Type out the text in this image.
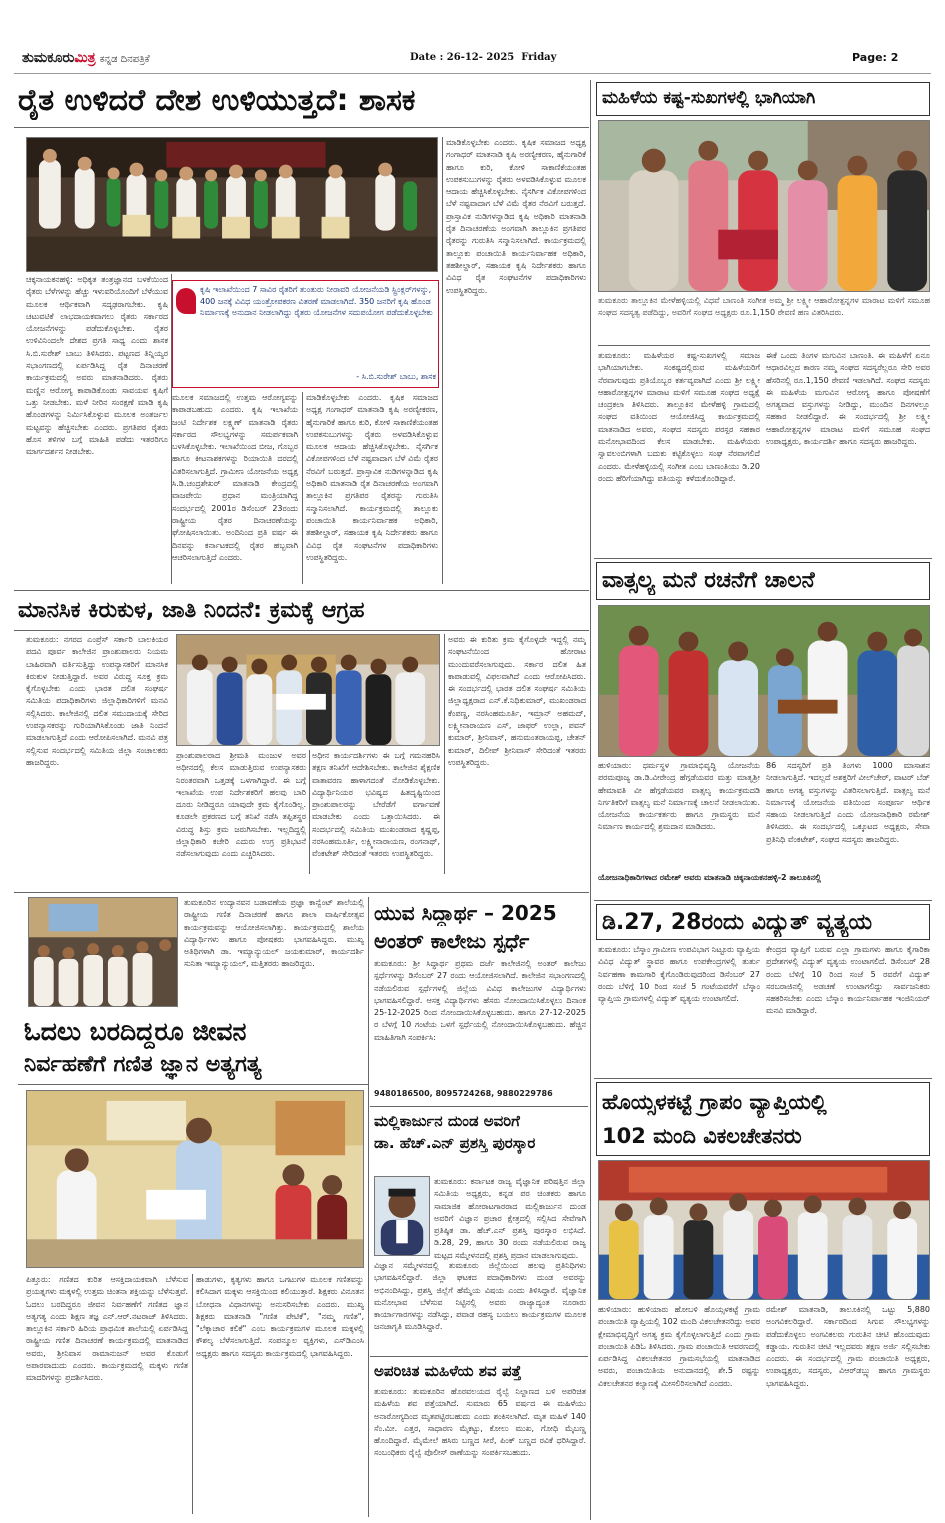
ತುಮಕೂರುಮಿತ್ರ ಕನ್ನಡ ದಿನಪತ್ರಿಕೆ	Date : 26-12- 2025 Friday	Page: 2
ರೈತ ಉಳಿದರೆ ದೇಶ ಉಳಿಯುತ್ತದೆ: ಶಾಸಕ
ಚಿಕ್ಕನಾಯಕನಹಳ್ಳಿ: ಅಧಿಕೃತ ತಂತ್ರಜ್ಞಾನದ ಬಳಕೆಯಿಂದ ರೈತರು ಬೆಳೆಗಳನ್ನು ಹೆಚ್ಚು ಇಳುವರಿಯೊಂದಿಗೆ ಬೆಳೆಯುವ ಮೂಲಕ ಆರ್ಥಿಕವಾಗಿ ಸದೃಢರಾಗಬೇಕು. ಕೃಷಿ ಚಟುವಟಿಕೆ ಲಾಭದಾಯಕವಾಗಲು ರೈತರು ಸರ್ಕಾರದ ಯೋಜನೆಗಳನ್ನು ಪಡೆದುಕೊಳ್ಳಬೇಕು. ರೈತರ ಉಳಿವಿನಿಂದಲೇ ದೇಶದ ಪ್ರಗತಿ ಸಾಧ್ಯ ಎಂದು ಶಾಸಕ ಸಿ.ಬಿ.ಸುರೇಶ್ ಬಾಬು ತಿಳಿಸಿದರು. ಪಟ್ಟಣದ ತಿನ್ನಿಯ್ಯರ ಸಭಾಂಗಣದಲ್ಲಿ ಏರ್ಪಡಿಸಿದ್ದ ರೈತ ದಿನಾಚರಣೆ ಕಾರ್ಯಕ್ರಮದಲ್ಲಿ ಅವರು ಮಾತನಾಡಿದರು. ರೈತರು ಮಣ್ಣಿನ ಆರೋಗ್ಯ ಕಾಪಾಡಿಕೊಂಡು ಸಾವಯವ ಕೃಷಿಗೆ ಒತ್ತು ನೀಡಬೇಕು. ಮಳೆ ನೀರಿನ ಸಂರಕ್ಷಣೆ ಮಾಡಿ ಕೃಷಿ ಹೊಂಡಗಳನ್ನು ನಿರ್ಮಿಸಿಕೊಳ್ಳುವ ಮೂಲಕ ಅಂತರ್ಜಲ ಮಟ್ಟವನ್ನು ಹೆಚ್ಚಿಸಬೇಕು ಎಂದರು. ಪ್ರಗತಿಪರ ರೈತರು ಹೊಸ ತಳಿಗಳ ಬಗ್ಗೆ ಮಾಹಿತಿ ಪಡೆದು ಇತರರಿಗೂ ಮಾರ್ಗದರ್ಶನ ನೀಡಬೇಕು.
ಕೃಷಿ ಇಲಾಖೆಯಿಂದ 7 ಸಾವಿರ ರೈತರಿಗೆ ತುಂತುರು ನೀರಾವರಿ ಯೋಜನೆಯಡಿ ಸ್ಪ್ರಿಂಕ್ಲರ್‌ಗಳನ್ನು, 400 ಜನಕ್ಕೆ ವಿವಿಧ ಯಂತ್ರೋಪಕರಣ ವಿತರಣೆ ಮಾಡಲಾಗಿದೆ. 350 ಜನರಿಗೆ ಕೃಷಿ ಹೊಂಡ ನಿರ್ಮಾಣಕ್ಕೆ ಅನುದಾನ ನೀಡಲಾಗಿದ್ದು ರೈತರು ಯೋಜನೆಗಳ ಸದುಪಯೋಗ ಪಡೆದುಕೊಳ್ಳಬೇಕು
- ಸಿ.ಬಿ.ಸುರೇಶ್ ಬಾಬು, ಶಾಸಕ
ಮೂಲಕ ಸಮಾಜದಲ್ಲಿ ಉತ್ತಮ ಆರೋಗ್ಯವನ್ನು ಕಾಪಾಡಬಹುದು ಎಂದರು. ಕೃಷಿ ಇಲಾಖೆಯ ಜಂಟಿ ನಿರ್ದೇಶಕ ಲಕ್ಷ್ಮಣ್ ಮಾತನಾಡಿ ರೈತರು ಸರ್ಕಾರದ ಸೌಲಭ್ಯಗಳನ್ನು ಸಮರ್ಪಕವಾಗಿ ಬಳಸಿಕೊಳ್ಳಬೇಕು. ಇಲಾಖೆಯಿಂದ ಬೀಜ, ಗೊಬ್ಬರ ಹಾಗೂ ಕೀಟನಾಶಕಗಳನ್ನು ರಿಯಾಯಿತಿ ದರದಲ್ಲಿ ವಿತರಿಸಲಾಗುತ್ತಿದೆ. ಗ್ರಾಮೀಣ ಯೋಜನೆಯ ಅಧ್ಯಕ್ಷ ಸಿ.ಡಿ.ಚಂದ್ರಶೇಖರ್ ಮಾತನಾಡಿ ಕೇಂದ್ರದಲ್ಲಿ ವಾಜಪೇಯಿ ಪ್ರಧಾನ ಮಂತ್ರಿಯಾಗಿದ್ದ ಸಂದರ್ಭದಲ್ಲಿ 2001ರ ಡಿಸೆಂಬರ್ 23ರಂದು ರಾಷ್ಟ್ರೀಯ ರೈತರ ದಿನಾಚರಣೆಯನ್ನು ಘೋಷಿಸಲಾಯಿತು. ಅಂದಿನಿಂದ ಪ್ರತಿ ವರ್ಷ ಈ ದಿನವನ್ನು ಕರ್ನಾಟಕದಲ್ಲಿ ರೈತರ ಹಬ್ಬವಾಗಿ ಆಚರಿಸಲಾಗುತ್ತಿದೆ ಎಂದರು.
ಮಾಡಿಕೊಳ್ಳಬೇಕು ಎಂದರು. ಕೃಷಿಕ ಸಮಾಜದ ಅಧ್ಯಕ್ಷ ಗಂಗಾಧರ್ ಮಾತನಾಡಿ ಕೃಷಿ ಅರಣ್ಯೀಕರಣ, ಹೈನುಗಾರಿಕೆ ಹಾಗೂ ಕುರಿ, ಕೋಳಿ ಸಾಕಾಣಿಕೆಯಂತಹ ಉಪಕಸುಬುಗಳನ್ನು ರೈತರು ಅಳವಡಿಸಿಕೊಳ್ಳುವ ಮೂಲಕ ಆದಾಯ ಹೆಚ್ಚಿಸಿಕೊಳ್ಳಬೇಕು. ನೈಸರ್ಗಿಕ ವಿಕೋಪಗಳಿಂದ ಬೆಳೆ ನಷ್ಟವಾದಾಗ ಬೆಳೆ ವಿಮೆ ರೈತರ ನೆರವಿಗೆ ಬರುತ್ತದೆ. ಪ್ರಾಸ್ತಾವಿಕ ನುಡಿಗಳನ್ನಾಡಿದ ಕೃಷಿ ಅಧಿಕಾರಿ ಮಾತನಾಡಿ ರೈತ ದಿನಾಚರಣೆಯ ಅಂಗವಾಗಿ ತಾಲ್ಲೂಕಿನ ಪ್ರಗತಿಪರ ರೈತರನ್ನು ಗುರುತಿಸಿ ಸನ್ಮಾನಿಸಲಾಗಿದೆ. ಕಾರ್ಯಕ್ರಮದಲ್ಲಿ ತಾಲ್ಲೂಕು ಪಂಚಾಯಿತಿ ಕಾರ್ಯನಿರ್ವಾಹಕ ಅಧಿಕಾರಿ, ತಹಶೀಲ್ದಾರ್, ಸಹಾಯಕ ಕೃಷಿ ನಿರ್ದೇಶಕರು ಹಾಗೂ ವಿವಿಧ ರೈತ ಸಂಘಟನೆಗಳ ಪದಾಧಿಕಾರಿಗಳು ಉಪಸ್ಥಿತರಿದ್ದರು.
ಮಾಡಿಕೊಳ್ಳಬೇಕು ಎಂದರು. ಕೃಷಿಕ ಸಮಾಜದ ಅಧ್ಯಕ್ಷ ಗಂಗಾಧರ್ ಮಾತನಾಡಿ ಕೃಷಿ ಅರಣ್ಯೀಕರಣ, ಹೈನುಗಾರಿಕೆ ಹಾಗೂ ಕುರಿ, ಕೋಳಿ ಸಾಕಾಣಿಕೆಯಂತಹ ಉಪಕಸುಬುಗಳನ್ನು ರೈತರು ಅಳವಡಿಸಿಕೊಳ್ಳುವ ಮೂಲಕ ಆದಾಯ ಹೆಚ್ಚಿಸಿಕೊಳ್ಳಬೇಕು. ನೈಸರ್ಗಿಕ ವಿಕೋಪಗಳಿಂದ ಬೆಳೆ ನಷ್ಟವಾದಾಗ ಬೆಳೆ ವಿಮೆ ರೈತರ ನೆರವಿಗೆ ಬರುತ್ತದೆ. ಪ್ರಾಸ್ತಾವಿಕ ನುಡಿಗಳನ್ನಾಡಿದ ಕೃಷಿ ಅಧಿಕಾರಿ ಮಾತನಾಡಿ ರೈತ ದಿನಾಚರಣೆಯ ಅಂಗವಾಗಿ ತಾಲ್ಲೂಕಿನ ಪ್ರಗತಿಪರ ರೈತರನ್ನು ಗುರುತಿಸಿ ಸನ್ಮಾನಿಸಲಾಗಿದೆ. ಕಾರ್ಯಕ್ರಮದಲ್ಲಿ ತಾಲ್ಲೂಕು ಪಂಚಾಯಿತಿ ಕಾರ್ಯನಿರ್ವಾಹಕ ಅಧಿಕಾರಿ, ತಹಶೀಲ್ದಾರ್, ಸಹಾಯಕ ಕೃಷಿ ನಿರ್ದೇಶಕರು ಹಾಗೂ ವಿವಿಧ ರೈತ ಸಂಘಟನೆಗಳ ಪದಾಧಿಕಾರಿಗಳು ಉಪಸ್ಥಿತರಿದ್ದರು.
ಮಹಿಳೆಯ ಕಷ್ಟ-ಸುಖಗಳಲ್ಲಿ ಭಾಗಿಯಾಗಿ
ತುಮಕೂರು ತಾಲ್ಲೂಕಿನ ಮೇಳೆಹಳ್ಳಿಯಲ್ಲಿ ವಿಧವೆ ಬಾಣಂತಿ ಸಂಗೀತ ಅಮ್ಮ ಶ್ರೀ ಲಕ್ಷ್ಮೀ ಆಹಾರೋತ್ಪನ್ನಗಳ ಮಾರಾಟ ಮಳಿಗೆ ಸಮೂಹ ಸಂಘದ ಸದಸ್ಯತ್ವ ಪಡೆದಿದ್ದು, ಅವರಿಗೆ ಸಂಘದ ಅಧ್ಯಕ್ಷರು ರೂ.1,150 ಠೇವಣಿ ಹಣ ವಿತರಿಸಿದರು.
ತುಮಕೂರು: ಮಹಿಳೆಯರ ಕಷ್ಟ-ಸುಖಗಳಲ್ಲಿ ಸಮಾಜ ಭಾಗಿಯಾಗಬೇಕು. ಸಂಕಷ್ಟದಲ್ಲಿರುವ ಮಹಿಳೆಯರಿಗೆ ನೆರವಾಗುವುದು ಪ್ರತಿಯೊಬ್ಬರ ಕರ್ತವ್ಯವಾಗಿದೆ ಎಂದು ಶ್ರೀ ಲಕ್ಷ್ಮೀ ಆಹಾರೋತ್ಪನ್ನಗಳ ಮಾರಾಟ ಮಳಿಗೆ ಸಮೂಹ ಸಂಘದ ಅಧ್ಯಕ್ಷೆ ಚಂದ್ರಕಲಾ ತಿಳಿಸಿದರು. ತಾಲ್ಲೂಕಿನ ಮೇಳೆಹಳ್ಳಿ ಗ್ರಾಮದಲ್ಲಿ ಸಂಘದ ವತಿಯಿಂದ ಆಯೋಜಿಸಿದ್ದ ಕಾರ್ಯಕ್ರಮದಲ್ಲಿ ಮಾತನಾಡಿದ ಅವರು, ಸಂಘದ ಸದಸ್ಯರು ಪರಸ್ಪರ ಸಹಕಾರ ಮನೋಭಾವದಿಂದ ಕೆಲಸ ಮಾಡಬೇಕು. ಮಹಿಳೆಯರು ಸ್ವಾವಲಂಬಿಗಳಾಗಿ ಬದುಕು ಕಟ್ಟಿಕೊಳ್ಳಲು ಸಂಘ ನೆರವಾಗಲಿದೆ ಎಂದರು. ಮೇಳೆಹಳ್ಳಿಯಲ್ಲಿ ಸಂಗೀತ ಎಂಬ ಬಾಣಂತಿಯು ಡಿ.20 ರಂದು ಹೆರಿಗೆಯಾಗಿದ್ದು ಪತಿಯನ್ನು ಕಳೆದುಕೊಂಡಿದ್ದಾರೆ.
ಈಕೆ ಒಂದು ತಿಂಗಳ ಮಗುವಿನ ಬಾಣಂತಿ. ಈ ಮಹಿಳೆಗೆ ಏನೂ ಆಧಾರವಿಲ್ಲದ ಕಾರಣ ನಮ್ಮ ಸಂಘದ ಸದಸ್ಯರೆಲ್ಲರೂ ಸೇರಿ ಅವರ ಹೆಸರಿನಲ್ಲಿ ರೂ.1,150 ಠೇವಣಿ ಇಡಲಾಗಿದೆ. ಸಂಘದ ಸದಸ್ಯರು ಈ ಮಹಿಳೆಯ ಮಗುವಿನ ಆರೋಗ್ಯ ಹಾಗೂ ಪೋಷಣೆಗೆ ಅಗತ್ಯವಾದ ವಸ್ತುಗಳನ್ನು ನೀಡಿದ್ದು, ಮುಂದಿನ ದಿನಗಳಲ್ಲೂ ಸಹಕಾರ ನೀಡಲಿದ್ದಾರೆ. ಈ ಸಂದರ್ಭದಲ್ಲಿ ಶ್ರೀ ಲಕ್ಷ್ಮೀ ಆಹಾರೋತ್ಪನ್ನಗಳ ಮಾರಾಟ ಮಳಿಗೆ ಸಮೂಹ ಸಂಘದ ಉಪಾಧ್ಯಕ್ಷರು, ಕಾರ್ಯದರ್ಶಿ ಹಾಗೂ ಸದಸ್ಯರು ಹಾಜರಿದ್ದರು.
ವಾತ್ಸಲ್ಯ ಮನೆ ರಚನೆಗೆ ಚಾಲನೆ
ಹುಳಿಯಾರು: ಧರ್ಮಸ್ಥಳ ಗ್ರಾಮಾಭಿವೃದ್ಧಿ ಯೋಜನೆಯ ಪರಮಪೂಜ್ಯ ಡಾ.ಡಿ.ವೀರೇಂದ್ರ ಹೆಗ್ಗಡೆಯವರ ಮತ್ತು ಮಾತೃಶ್ರೀ ಹೇಮಾವತಿ ವೀ ಹೆಗ್ಗಡೆಯವರ ವಾತ್ಸಲ್ಯ ಕಾರ್ಯಕ್ರಮದಡಿ ನಿರ್ಗತಿಕರಿಗೆ ವಾತ್ಸಲ್ಯ ಮನೆ ನಿರ್ಮಾಣಕ್ಕೆ ಚಾಲನೆ ನೀಡಲಾಯಿತು. ಯೋಜನೆಯ ಕಾರ್ಯಕರ್ತರು ಹಾಗೂ ಗ್ರಾಮಸ್ಥರು ಮನೆ ನಿರ್ಮಾಣ ಕಾರ್ಯದಲ್ಲಿ ಶ್ರಮದಾನ ಮಾಡಿದರು.
86 ಸದಸ್ಯರಿಗೆ ಪ್ರತಿ ತಿಂಗಳು 1000 ಮಾಸಾಶನ ನೀಡಲಾಗುತ್ತಿದೆ. ಇದಲ್ಲದೆ ಅಶಕ್ತರಿಗೆ ವೀಲ್‌ಚೇರ್, ವಾಟರ್ ಬೆಡ್ ಹಾಗೂ ಅಗತ್ಯ ವಸ್ತುಗಳನ್ನು ವಿತರಿಸಲಾಗುತ್ತಿದೆ. ವಾತ್ಸಲ್ಯ ಮನೆ ನಿರ್ಮಾಣಕ್ಕೆ ಯೋಜನೆಯ ವತಿಯಿಂದ ಸಂಪೂರ್ಣ ಆರ್ಥಿಕ ಸಹಾಯ ನೀಡಲಾಗುತ್ತಿದೆ ಎಂದು ಯೋಜನಾಧಿಕಾರಿ ರಮೇಶ್ ತಿಳಿಸಿದರು. ಈ ಸಂದರ್ಭದಲ್ಲಿ ಒಕ್ಕೂಟದ ಅಧ್ಯಕ್ಷರು, ಸೇವಾ ಪ್ರತಿನಿಧಿ ವೆಂಕಟೇಶ್, ಸಂಘದ ಸದಸ್ಯರು ಹಾಜರಿದ್ದರು.
ಯೋಜನಾಧಿಕಾರಿಗಳಾದ ರಮೇಶ್ ಅವರು ಮಾತನಾಡಿ ಚಿಕ್ಕನಾಯಕನಹಳ್ಳಿ-2 ತಾಲೂಕಿನಲ್ಲಿ
ಮಾನಸಿಕ ಕಿರುಕುಳ, ಜಾತಿ ನಿಂದನೆ: ಕ್ರಮಕ್ಕೆ ಆಗ್ರಹ
ತುಮಕೂರು: ನಗರದ ಎಂಪ್ರೆಸ್ ಸರ್ಕಾರಿ ಬಾಲಕಿಯರ ಪದವಿ ಪೂರ್ವ ಕಾಲೇಜಿನ ಪ್ರಾಂಶುಪಾಲರು ನಿಯಮ ಬಾಹಿರವಾಗಿ ವರ್ತಿಸುತ್ತಿದ್ದು ಉಪನ್ಯಾಸಕರಿಗೆ ಮಾನಸಿಕ ಕಿರುಕುಳ ನೀಡುತ್ತಿದ್ದಾರೆ. ಅವರ ವಿರುದ್ಧ ಸೂಕ್ತ ಕ್ರಮ ಕೈಗೊಳ್ಳಬೇಕು ಎಂದು ಭಾರತ ದಲಿತ ಸಂಘರ್ಷ ಸಮಿತಿಯ ಪದಾಧಿಕಾರಿಗಳು ಜಿಲ್ಲಾಧಿಕಾರಿಗಳಿಗೆ ಮನವಿ ಸಲ್ಲಿಸಿದರು. ಕಾಲೇಜಿನಲ್ಲಿ ದಲಿತ ಸಮುದಾಯಕ್ಕೆ ಸೇರಿದ ಉಪನ್ಯಾಸಕರನ್ನು ಗುರಿಯಾಗಿಸಿಕೊಂಡು ಜಾತಿ ನಿಂದನೆ ಮಾಡಲಾಗುತ್ತಿದೆ ಎಂದು ಆರೋಪಿಸಲಾಗಿದೆ. ಮನವಿ ಪತ್ರ ಸಲ್ಲಿಸುವ ಸಂದರ್ಭದಲ್ಲಿ ಸಮಿತಿಯ ಜಿಲ್ಲಾ ಸಂಚಾಲಕರು ಹಾಜರಿದ್ದರು.
ಪ್ರಾಂಶುಪಾಲರಾದ ಶ್ರೀಮತಿ ಮಂಜುಳ ಅವರ ಅಧೀನದಲ್ಲಿ ಕೆಲಸ ಮಾಡುತ್ತಿರುವ ಉಪನ್ಯಾಸಕರು ನಿರಂತರವಾಗಿ ಒತ್ತಡಕ್ಕೆ ಒಳಗಾಗಿದ್ದಾರೆ. ಈ ಬಗ್ಗೆ ಇಲಾಖೆಯ ಉಪ ನಿರ್ದೇಶಕರಿಗೆ ಹಲವು ಬಾರಿ ದೂರು ನೀಡಿದ್ದರೂ ಯಾವುದೇ ಕ್ರಮ ಕೈಗೊಂಡಿಲ್ಲ. ಕೂಡಲೇ ಪ್ರಕರಣದ ಬಗ್ಗೆ ತನಿಖೆ ನಡೆಸಿ ತಪ್ಪಿತಸ್ಥರ ವಿರುದ್ಧ ಶಿಸ್ತು ಕ್ರಮ ಜರುಗಿಸಬೇಕು. ಇಲ್ಲದಿದ್ದಲ್ಲಿ ಜಿಲ್ಲಾಧಿಕಾರಿ ಕಚೇರಿ ಎದುರು ಉಗ್ರ ಪ್ರತಿಭಟನೆ ನಡೆಸಲಾಗುವುದು ಎಂದು ಎಚ್ಚರಿಸಿದರು.
ಅಧೀನ ಕಾರ್ಯದರ್ಶಿಗಳು ಈ ಬಗ್ಗೆ ಗಮನಹರಿಸಿ ತಕ್ಷಣ ತನಿಖೆಗೆ ಆದೇಶಿಸಬೇಕು. ಕಾಲೇಜಿನ ಶೈಕ್ಷಣಿಕ ವಾತಾವರಣ ಹಾಳಾಗದಂತೆ ನೋಡಿಕೊಳ್ಳಬೇಕು. ವಿದ್ಯಾರ್ಥಿನಿಯರ ಭವಿಷ್ಯದ ಹಿತದೃಷ್ಟಿಯಿಂದ ಪ್ರಾಂಶುಪಾಲರನ್ನು ಬೇರೆಡೆಗೆ ವರ್ಗಾವಣೆ ಮಾಡಬೇಕು ಎಂದು ಒತ್ತಾಯಿಸಿದರು. ಈ ಸಂದರ್ಭದಲ್ಲಿ ಸಮಿತಿಯ ಮುಖಂಡರಾದ ಕೃಷ್ಣಪ್ಪ, ನರಸಿಂಹಮೂರ್ತಿ, ಲಕ್ಷ್ಮೀನಾರಾಯಣ, ರಂಗನಾಥ್, ವೆಂಕಟೇಶ್ ಸೇರಿದಂತೆ ಇತರರು ಉಪಸ್ಥಿತರಿದ್ದರು.
ಅವರು ಈ ಕುರಿತು ಕ್ರಮ ಕೈಗೊಳ್ಳದೇ ಇದ್ದಲ್ಲಿ ನಮ್ಮ ಸಂಘಟನೆಯಿಂದ ಹೋರಾಟ ಮುಂದುವರೆಸಲಾಗುವುದು. ಸರ್ಕಾರ ದಲಿತ ಹಿತ ಕಾಪಾಡುವಲ್ಲಿ ವಿಫಲವಾಗಿದೆ ಎಂದು ಆರೋಪಿಸಿದರು. ಈ ಸಂದರ್ಭದಲ್ಲಿ ಭಾರತ ದಲಿತ ಸಂಘರ್ಷ ಸಮಿತಿಯ ಜಿಲ್ಲಾಧ್ಯಕ್ಷರಾದ ಎನ್.ಕೆ.ನಿಧಿಕುಮಾರ್, ಮುಖಂಡರಾದ ಕೆಂಪಣ್ಣ, ನರಸಿಂಹಮೂರ್ತಿ, ಇಮ್ರಾನ್ ಅಹಮದ್, ಲಕ್ಷ್ಮೀನಾರಾಯಣ ಎಸ್, ಜಾಫರ್ ಉಲ್ಲಾ, ಪವನ್ ಕುಮಾರ್, ಶ್ರೀನಿವಾಸ್, ಹನುಮಂತರಾಯಪ್ಪ, ಚೇತನ್ ಕುಮಾರ್, ದಿಲೀಪ್ ಶ್ರೀನಿವಾಸ್ ಸೇರಿದಂತೆ ಇತರರು ಉಪಸ್ಥಿತರಿದ್ದರು.
ತುಮಕೂರಿನ ಉದ್ಯಾನವನ ಬಡಾವಣೆಯ ಪ್ರಜ್ಞಾ ಕಾನ್ವೆಂಟ್ ಶಾಲೆಯಲ್ಲಿ ರಾಷ್ಟ್ರೀಯ ಗಣಿತ ದಿನಾಚರಣೆ ಹಾಗೂ ಶಾಲಾ ವಾರ್ಷಿಕೋತ್ಸವ ಕಾರ್ಯಕ್ರಮವನ್ನು ಆಯೋಜಿಸಲಾಗಿತ್ತು. ಕಾರ್ಯಕ್ರಮದಲ್ಲಿ ಶಾಲೆಯ ವಿದ್ಯಾರ್ಥಿಗಳು ಹಾಗೂ ಪೋಷಕರು ಭಾಗವಹಿಸಿದ್ದರು. ಮುಖ್ಯ ಅತಿಥಿಗಳಾಗಿ ಡಾ. ಇಮ್ಯಾನ್ಯುಯಲ್ ಜಯಕುಮಾರ್, ಕಾರ್ಯದರ್ಶಿ ಸುನಿತಾ ಇಮ್ಯಾನ್ಯುಯಲ್, ಮತ್ತಿತರರು ಹಾಜರಿದ್ದರು.
ಓದಲು ಬರದಿದ್ದರೂ ಜೀವನ
ನಿರ್ವಹಣೆಗೆ ಗಣಿತ ಜ್ಞಾನ ಅತ್ಯಗತ್ಯ
ಪಿತ್ತೂರು: ಗಣಿತದ ಕುರಿತ ಆಸಕ್ತಿದಾಯಕವಾಗಿ ಬೆಳೆಸುವ ಪ್ರಯತ್ನಗಳು ಮಕ್ಕಳಲ್ಲಿ ಉತ್ತಮ ಚಿಂತನಾ ಶಕ್ತಿಯನ್ನು ಬೆಳೆಸುತ್ತವೆ. ಓದಲು ಬರದಿದ್ದರೂ ಜೀವನ ನಿರ್ವಹಣೆಗೆ ಗಣಿತದ ಜ್ಞಾನ ಅತ್ಯಗತ್ಯ ಎಂದು ಶಿಕ್ಷಣ ತಜ್ಞ ಎನ್.ಆರ್.ನಟರಾಜ್ ತಿಳಿಸಿದರು. ತಾಲ್ಲೂಕಿನ ಸರ್ಕಾರಿ ಹಿರಿಯ ಪ್ರಾಥಮಿಕ ಶಾಲೆಯಲ್ಲಿ ಏರ್ಪಡಿಸಿದ್ದ ರಾಷ್ಟ್ರೀಯ ಗಣಿತ ದಿನಾಚರಣೆ ಕಾರ್ಯಕ್ರಮದಲ್ಲಿ ಮಾತನಾಡಿದ ಅವರು, ಶ್ರೀನಿವಾಸ ರಾಮಾನುಜನ್ ಅವರ ಕೊಡುಗೆ ಅಪಾರವಾದುದು ಎಂದರು. ಕಾರ್ಯಕ್ರಮದಲ್ಲಿ ಮಕ್ಕಳು ಗಣಿತ ಮಾದರಿಗಳನ್ನು ಪ್ರದರ್ಶಿಸಿದರು.
ಹಾಡುಗಳು, ಕೃತ್ಯಗಳು ಹಾಗೂ ಒಗಟುಗಳ ಮೂಲಕ ಗಣಿತವನ್ನು ಕಲಿಸಿದಾಗ ಮಕ್ಕಳು ಆಸಕ್ತಿಯಿಂದ ಕಲಿಯುತ್ತಾರೆ. ಶಿಕ್ಷಕರು ವಿನೂತನ ಬೋಧನಾ ವಿಧಾನಗಳನ್ನು ಅನುಸರಿಸಬೇಕು ಎಂದರು. ಮುಖ್ಯ ಶಿಕ್ಷಕರು ಮಾತನಾಡಿ "ಗಣಿತ ಪೇಟಿಕೆ", "ನಮ್ಮ ಗಣಿತ", "ಲೆಕ್ಕಾಚಾರ ಕಲಿಕೆ" ಎಂಬ ಕಾರ್ಯಕ್ರಮಗಳ ಮೂಲಕ ಮಕ್ಕಳಲ್ಲಿ ಕೌಶಲ್ಯ ಬೆಳೆಸಲಾಗುತ್ತಿದೆ. ಸಂಪನ್ಮೂಲ ವ್ಯಕ್ತಿಗಳು, ಎಸ್‌ಡಿಎಂಸಿ ಅಧ್ಯಕ್ಷರು ಹಾಗೂ ಸದಸ್ಯರು ಕಾರ್ಯಕ್ರಮದಲ್ಲಿ ಭಾಗವಹಿಸಿದ್ದರು.
ಯುವ ಸಿದ್ಧಾರ್ಥ – 2025
ಅಂತರ್ ಕಾಲೇಜು ಸ್ಪರ್ಧೆ
ತುಮಕೂರು: ಶ್ರೀ ಸಿದ್ಧಾರ್ಥ ಪ್ರಥಮ ದರ್ಜೆ ಕಾಲೇಜಿನಲ್ಲಿ ಅಂತರ್ ಕಾಲೇಜು ಸ್ಪರ್ಧೆಗಳನ್ನು ಡಿಸೆಂಬರ್ 27 ರಂದು ಆಯೋಜಿಸಲಾಗಿದೆ. ಕಾಲೇಜಿನ ಸಭಾಂಗಣದಲ್ಲಿ ನಡೆಯಲಿರುವ ಸ್ಪರ್ಧೆಗಳಲ್ಲಿ ಜಿಲ್ಲೆಯ ವಿವಿಧ ಕಾಲೇಜುಗಳ ವಿದ್ಯಾರ್ಥಿಗಳು ಭಾಗವಹಿಸಲಿದ್ದಾರೆ. ಆಸಕ್ತ ವಿದ್ಯಾರ್ಥಿಗಳು ಹೆಸರು ನೋಂದಾಯಿಸಿಕೊಳ್ಳಲು ದಿನಾಂಕ 25-12-2025 ರಿಂದ ನೋಂದಾಯಿಸಿಕೊಳ್ಳಬಹುದು. ಹಾಗೂ 27-12-2025 ರ ಬೆಳಗ್ಗೆ 10 ಗಂಟೆಯ ಒಳಗೆ ಸ್ಪರ್ಧೆಯಲ್ಲಿ ನೋಂದಾಯಿಸಿಕೊಳ್ಳಬಹುದು. ಹೆಚ್ಚಿನ ಮಾಹಿತಿಗಾಗಿ ಸಂಪರ್ಕಿಸಿ:
9480186500, 8095724268, 9880229786
ಮಲ್ಲಿಕಾರ್ಜುನ ದುಂಡ ಅವರಿಗೆ
ಡಾ. ಹೆಚ್.ಎನ್ ಪ್ರಶಸ್ತಿ ಪುರಸ್ಕಾರ
ತುಮಕೂರು: ಕರ್ನಾಟಕ ರಾಜ್ಯ ವೈಜ್ಞಾನಿಕ ಪರಿಷತ್ತಿನ ಜಿಲ್ಲಾ ಸಮಿತಿಯ ಅಧ್ಯಕ್ಷರು, ಕನ್ನಡ ಪರ ಚಿಂತಕರು ಹಾಗೂ ಸಾಮಾಜಿಕ ಹೋರಾಟಗಾರರಾದ ಮಲ್ಲಿಕಾರ್ಜುನ ದುಂಡ ಅವರಿಗೆ ವಿಜ್ಞಾನ ಪ್ರಚಾರ ಕ್ಷೇತ್ರದಲ್ಲಿ ಸಲ್ಲಿಸಿದ ಸೇವೆಗಾಗಿ ಪ್ರತಿಷ್ಠಿತ ಡಾ. ಹೆಚ್.ಎನ್ ಪ್ರಶಸ್ತಿ ಪುರಸ್ಕಾರ ಲಭಿಸಿದೆ. ಡಿ.28, 29, ಹಾಗೂ 30 ರಂದು ನಡೆಯಲಿರುವ ರಾಜ್ಯ ಮಟ್ಟದ ಸಮ್ಮೇಳನದಲ್ಲಿ ಪ್ರಶಸ್ತಿ ಪ್ರದಾನ ಮಾಡಲಾಗುವುದು.
ವಿಜ್ಞಾನ ಸಮ್ಮೇಳನದಲ್ಲಿ ತುಮಕೂರು ಜಿಲ್ಲೆಯಿಂದ ಹಲವು ಪ್ರತಿನಿಧಿಗಳು ಭಾಗವಹಿಸಲಿದ್ದಾರೆ. ಜಿಲ್ಲಾ ಘಟಕದ ಪದಾಧಿಕಾರಿಗಳು ದುಂಡ ಅವರನ್ನು ಅಭಿನಂದಿಸಿದ್ದು, ಪ್ರಶಸ್ತಿ ಜಿಲ್ಲೆಗೆ ಹೆಮ್ಮೆಯ ವಿಷಯ ಎಂದು ತಿಳಿಸಿದ್ದಾರೆ. ವೈಜ್ಞಾನಿಕ ಮನೋಭಾವ ಬೆಳೆಸುವ ನಿಟ್ಟಿನಲ್ಲಿ ಅವರು ರಾಜ್ಯಾದ್ಯಂತ ನೂರಾರು ಕಾರ್ಯಾಗಾರಗಳನ್ನು ನಡೆಸಿದ್ದು, ಪವಾಡ ರಹಸ್ಯ ಬಯಲು ಕಾರ್ಯಕ್ರಮಗಳ ಮೂಲಕ ಜನಜಾಗೃತಿ ಮೂಡಿಸಿದ್ದಾರೆ.
ಅಪರಿಚಿತ ಮಹಿಳೆಯ ಶವ ಪತ್ತೆ
ತುಮಕೂರು: ತುಮಕೂರಿನ ಹೊರವಲಯದ ರೈಲ್ವೆ ನಿಲ್ದಾಣದ ಬಳಿ ಅಪರಿಚಿತ ಮಹಿಳೆಯ ಶವ ಪತ್ತೆಯಾಗಿದೆ. ಸುಮಾರು 65 ವರ್ಷದ ಈ ಮಹಿಳೆಯು ಅನಾರೋಗ್ಯದಿಂದ ಮೃತಪಟ್ಟಿರಬಹುದು ಎಂದು ಶಂಕಿಸಲಾಗಿದೆ. ಮೃತ ಮಹಿಳೆ 140 ಸೆಂ.ಮೀ. ಎತ್ತರ, ಸಾಧಾರಣ ಮೈಕಟ್ಟು, ಕೋಲು ಮುಖ, ಗೋಧಿ ಮೈಬಣ್ಣ ಹೊಂದಿದ್ದಾರೆ. ಮೈಮೇಲೆ ಹಸಿರು ಬಣ್ಣದ ಸೀರೆ, ಪಿಂಕ್ ಬಣ್ಣದ ರವಿಕೆ ಧರಿಸಿದ್ದಾರೆ. ಸಂಬಂಧಿಕರು ರೈಲ್ವೆ ಪೊಲೀಸ್ ಠಾಣೆಯನ್ನು ಸಂಪರ್ಕಿಸಬಹುದು.
ಡಿ.27, 28ರಂದು ವಿದ್ಯುತ್ ವ್ಯತ್ಯಯ
ತುಮಕೂರು: ಬೆಸ್ಕಾಂ ಗ್ರಾಮೀಣ ಉಪವಿಭಾಗ ನಿಟ್ಟೂರು ವ್ಯಾಪ್ತಿಯ ವಿವಿಧ ವಿದ್ಯುತ್ ಸ್ಥಾವರ ಹಾಗೂ ಉಪಕೇಂದ್ರಗಳಲ್ಲಿ ತುರ್ತು ನಿರ್ವಹಣಾ ಕಾಮಗಾರಿ ಕೈಗೊಂಡಿರುವುದರಿಂದ ಡಿಸೆಂಬರ್ 27 ರಂದು ಬೆಳಿಗ್ಗೆ 10 ರಿಂದ ಸಂಜೆ 5 ಗಂಟೆಯವರೆಗೆ ಬೆಸ್ಕಾಂ ವ್ಯಾಪ್ತಿಯ ಗ್ರಾಮಗಳಲ್ಲಿ ವಿದ್ಯುತ್ ವ್ಯತ್ಯಯ ಉಂಟಾಗಲಿದೆ.
ಕೇಂದ್ರದ ವ್ಯಾಪ್ತಿಗೆ ಬರುವ ಎಲ್ಲಾ ಗ್ರಾಮಗಳು ಹಾಗೂ ಕೈಗಾರಿಕಾ ಪ್ರದೇಶಗಳಲ್ಲಿ ವಿದ್ಯುತ್ ವ್ಯತ್ಯಯ ಉಂಟಾಗಲಿದೆ. ಡಿಸೆಂಬರ್ 28 ರಂದು ಬೆಳಿಗ್ಗೆ 10 ರಿಂದ ಸಂಜೆ 5 ರವರೆಗೆ ವಿದ್ಯುತ್ ಸರಬರಾಜಿನಲ್ಲಿ ಅಡಚಣೆ ಉಂಟಾಗಲಿದ್ದು ಸಾರ್ವಜನಿಕರು ಸಹಕರಿಸಬೇಕು ಎಂದು ಬೆಸ್ಕಾಂ ಕಾರ್ಯನಿರ್ವಾಹಕ ಇಂಜಿನಿಯರ್ ಮನವಿ ಮಾಡಿದ್ದಾರೆ.
ಹೊಯ್ಸಳಕಟ್ಟೆ ಗ್ರಾಪಂ ವ್ಯಾಪ್ತಿಯಲ್ಲಿ
102 ಮಂದಿ ವಿಕಲಚೇತನರು
ಹುಳಿಯಾರು: ಹುಳಿಯಾರು ಹೋಬಳಿ ಹೊಯ್ಸಳಕಟ್ಟೆ ಗ್ರಾಮ ಪಂಚಾಯಿತಿ ವ್ಯಾಪ್ತಿಯಲ್ಲಿ 102 ಮಂದಿ ವಿಕಲಚೇತನರಿದ್ದು ಅವರ ಕ್ಷೇಮಾಭಿವೃದ್ಧಿಗೆ ಅಗತ್ಯ ಕ್ರಮ ಕೈಗೊಳ್ಳಲಾಗುತ್ತಿದೆ ಎಂದು ಗ್ರಾಮ ಪಂಚಾಯಿತಿ ಪಿಡಿಓ ತಿಳಿಸಿದರು. ಗ್ರಾಮ ಪಂಚಾಯಿತಿ ಆವರಣದಲ್ಲಿ ಏರ್ಪಡಿಸಿದ್ದ ವಿಕಲಚೇತನರ ಗ್ರಾಮಸಭೆಯಲ್ಲಿ ಮಾತನಾಡಿದ ಅವರು, ಪಂಚಾಯಿತಿಯ ಅನುದಾನದಲ್ಲಿ ಶೇ.5 ರಷ್ಟನ್ನು ವಿಕಲಚೇತನರ ಕಲ್ಯಾಣಕ್ಕೆ ಮೀಸಲಿರಿಸಲಾಗಿದೆ ಎಂದರು.
ರಮೇಶ್ ಮಾತನಾಡಿ, ತಾಲೂಕಿನಲ್ಲಿ ಒಟ್ಟು 5,880 ಅಂಗವಿಕಲರಿದ್ದಾರೆ. ಸರ್ಕಾರದಿಂದ ಸಿಗುವ ಸೌಲಭ್ಯಗಳನ್ನು ಪಡೆದುಕೊಳ್ಳಲು ಅಂಗವಿಕಲರು ಗುರುತಿನ ಚೀಟಿ ಹೊಂದುವುದು ಕಡ್ಡಾಯ. ಗುರುತಿನ ಚೀಟಿ ಇಲ್ಲದವರು ತಕ್ಷಣ ಅರ್ಜಿ ಸಲ್ಲಿಸಬೇಕು ಎಂದರು. ಈ ಸಂದರ್ಭದಲ್ಲಿ ಗ್ರಾಮ ಪಂಚಾಯಿತಿ ಅಧ್ಯಕ್ಷರು, ಉಪಾಧ್ಯಕ್ಷರು, ಸದಸ್ಯರು, ವಿಆರ್‌ಡಬ್ಲ್ಯು ಹಾಗೂ ಗ್ರಾಮಸ್ಥರು ಭಾಗವಹಿಸಿದ್ದರು.
